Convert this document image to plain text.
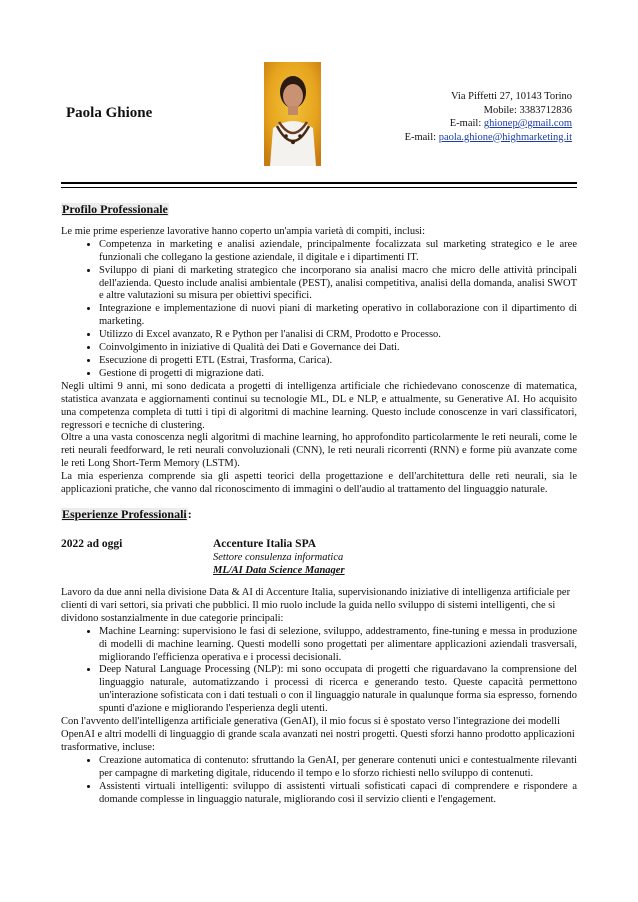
Paola Ghione
Via Piffetti 27, 10143 Torino
Mobile: 3383712836
E-mail: ghionep@gmail.com
E-mail: paola.ghione@highmarketing.it
Profilo Professionale

Le mie prime esperienze lavorative hanno coperto un'ampia varietà di compiti, inclusi:

• Competenza in marketing e analisi aziendale, principalmente focalizzata sul marketing strategico e le aree funzionali che collegano la gestione aziendale, il digitale e i dipartimenti IT.
• Sviluppo di piani di marketing strategico che incorporano sia analisi macro che micro delle attività principali dell'azienda. Questo include analisi ambientale (PEST), analisi competitiva, analisi della domanda, analisi SWOT e altre valutazioni su misura per obiettivi specifici.
• Integrazione e implementazione di nuovi piani di marketing operativo in collaborazione con il dipartimento di marketing.
• Utilizzo di Excel avanzato, R e Python per l'analisi di CRM, Prodotto e Processo.
• Coinvolgimento in iniziative di Qualità dei Dati e Governance dei Dati.
• Esecuzione di progetti ETL (Estrai, Trasforma, Carica).
• Gestione di progetti di migrazione dati.

Negli ultimi 9 anni, mi sono dedicata a progetti di intelligenza artificiale che richiedevano conoscenze di matematica, statistica avanzata e aggiornamenti continui su tecnologie ML, DL e NLP, e attualmente, su Generative AI. Ho acquisito una competenza completa di tutti i tipi di algoritmi di machine learning. Questo include conoscenze in vari classificatori, regressori e tecniche di clustering.

Oltre a una vasta conoscenza negli algoritmi di machine learning, ho approfondito particolarmente le reti neurali, come le reti neurali feedforward, le reti neurali convoluzionali (CNN), le reti neurali ricorrenti (RNN) e forme più avanzate come le reti Long Short-Term Memory (LSTM).

La mia esperienza comprende sia gli aspetti teorici della progettazione e dell'architettura delle reti neurali, sia le applicazioni pratiche, che vanno dal riconoscimento di immagini o dell'audio al trattamento del linguaggio naturale.

Esperienze Professionali:
2022 ad oggi	Accenture Italia SPA
Settore consulenza informatica
ML/AI Data Science Manager

Lavoro da due anni nella divisione Data & AI di Accenture Italia, supervisionando iniziative di intelligenza artificiale per clienti di vari settori, sia privati che pubblici. Il mio ruolo include la guida nello sviluppo di sistemi intelligenti, che si dividono sostanzialmente in due categorie principali:

• Machine Learning: supervisiono le fasi di selezione, sviluppo, addestramento, fine-tuning e messa in produzione di modelli di machine learning. Questi modelli sono progettati per alimentare applicazioni aziendali trasversali, migliorando l'efficienza operativa e i processi decisionali.
• Deep Natural Language Processing (NLP): mi sono occupata di progetti che riguardavano la comprensione del linguaggio naturale, automatizzando i processi di ricerca e generando testo. Queste capacità permettono un'interazione sofisticata con i dati testuali o con il linguaggio naturale in qualunque forma sia espresso, fornendo spunti d'azione e migliorando l'esperienza degli utenti.

Con l'avvento dell'intelligenza artificiale generativa (GenAI), il mio focus si è spostato verso l'integrazione dei modelli OpenAI e altri modelli di linguaggio di grande scala avanzati nei nostri progetti. Questi sforzi hanno prodotto applicazioni trasformative, incluse:

• Creazione automatica di contenuto: sfruttando la GenAI, per generare contenuti unici e contestualmente rilevanti per campagne di marketing digitale, riducendo il tempo e lo sforzo richiesti nello sviluppo di contenuti.
• Assistenti virtuali intelligenti: sviluppo di assistenti virtuali sofisticati capaci di comprendere e rispondere a domande complesse in linguaggio naturale, migliorando così il servizio clienti e l'engagement.
